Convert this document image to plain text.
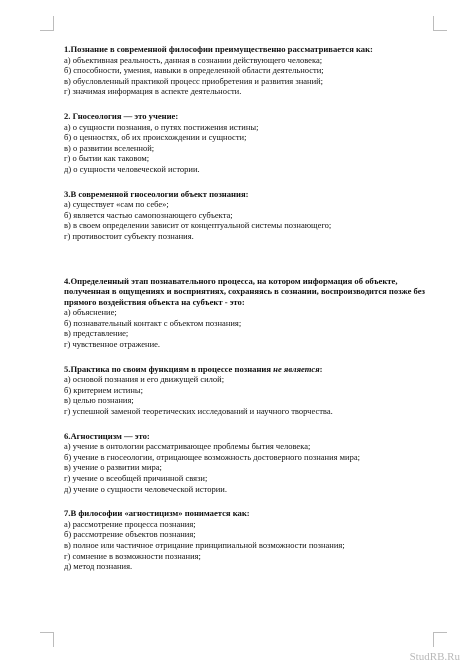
1.Познание в современной философии преимущественно рассматривается как:

а) объективная реальность, данная в сознании действующего человека;

б) способности, умения, навыки в определенной области деятельности;

в) обусловленный практикой процесс приобретения и развития знаний;

г) значимая информация в аспекте деятельности.

2. Гносеология — это учение:

а) о сущности познания, о путях постижения истины;

б) о ценностях, об их происхождении и сущности;

в) о развитии вселенной;

г) о бытии как таковом;

д) о сущности человеческой истории.

3.В современной гносеологии объект познания:

а) существует «сам по себе»;

б) является частью самопознающего субъекта;

в) в своем определении зависит от концептуальной системы познающего;

г) противостоит субъекту познания.

4.Определенный этап познавательного процесса, на котором информация об объекте, полученная в ощущениях и восприятиях, сохраняясь в сознании, воспроизводится позже без прямого воздействия объекта на субъект - это:

а) объяснение;

б) познавательный контакт с объектом познания;

в) представление;

г) чувственное отражение.

5.Практика по своим функциям в процессе познания не является:

а) основой познания и его движущей силой;

б) критерием истины;

в) целью познания;

г) успешной заменой теоретических исследований и научного творчества.

6.Агностицизм — это:

а) учение в онтологии рассматривающее проблемы бытия человека;

б) учение в гносеологии, отрицающее возможность достоверного познания мира;

в) учение о развитии мира;

г) учение о всеобщей причинной связи;

д) учение о сущности человеческой истории.

7.В философии «агностицизм» понимается как:

а) рассмотрение процесса познания;

б) рассмотрение объектов познания;

в) полное или частичное отрицание принципиальной возможности познания;

г) сомнение в возможности познания;

д) метод познания.

StudRB.Ru
